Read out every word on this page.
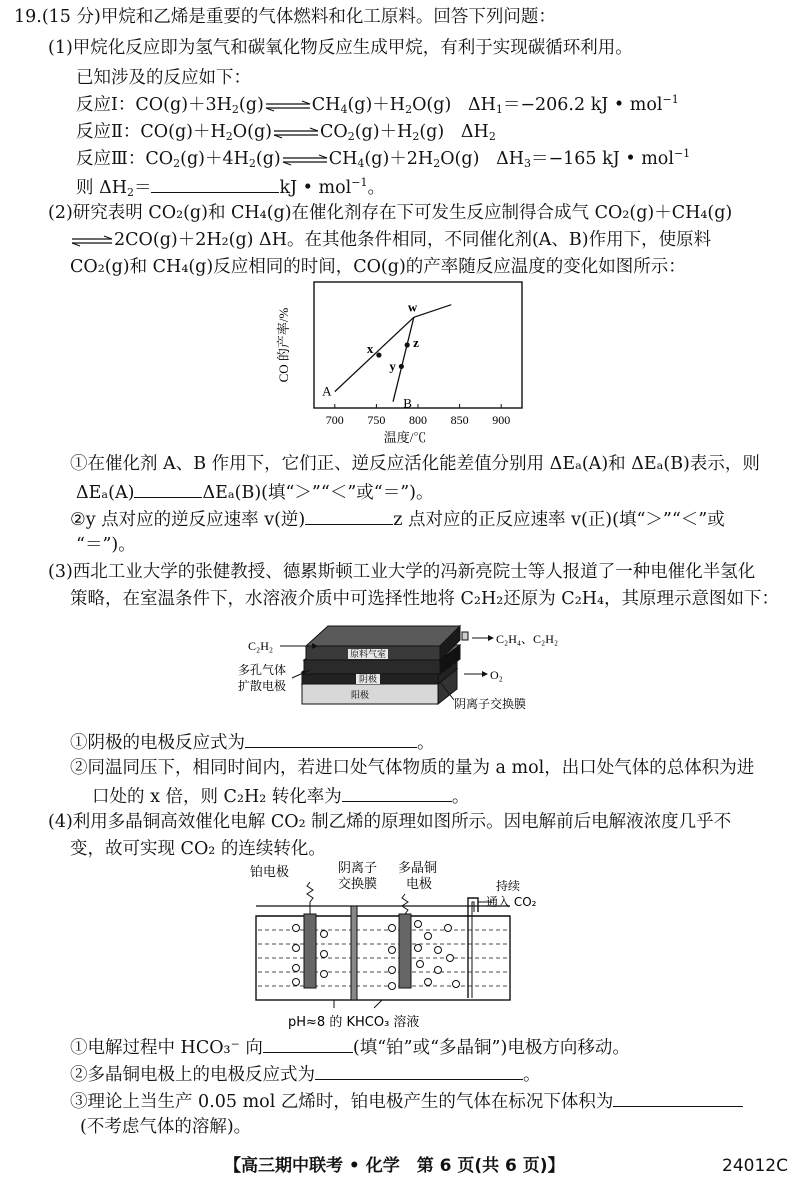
19.(15 分)甲烷和乙烯是重要的气体燃料和化工原料。回答下列问题：
(1)甲烷化反应即为氢气和碳氧化物反应生成甲烷，有利于实现碳循环利用。
已知涉及的反应如下：
反应Ⅰ：$CO(g)+3H_2(g)\rightleftharpoons CH_4(g)+H_2O(g)$   $\Delta H_1=-206.2$ kJ • mol$^{-1}$
反应Ⅱ：$CO(g)+H_2O(g)\rightleftharpoons CO_2(g)+H_2(g)$   $\Delta H_2$
反应Ⅲ：$CO_2(g)+4H_2(g)\rightleftharpoons CH_4(g)+2H_2O(g)$   $\Delta H_3=-165$ kJ • mol$^{-1}$
则 $\Delta H_2=$	kJ • mol$^{-1}$。
(2)研究表明 CO₂(g)和 CH₄(g)在催化剂存在下可发生反应制得合成气 CO₂(g)＋CH₄(g)
⇌2CO(g)＋2H₂(g) ΔH。在其他条件相同，不同催化剂(A、B)作用下，使原料
CO₂(g)和 CH₄(g)反应相同的时间，CO(g)的产率随反应温度的变化如图所示：
CO 的产率/%
温度/℃
700 750 800 850 900
A
B
x
y
z
w
①在催化剂 A、B 作用下，它们正、逆反应活化能差值分别用 ΔEₐ(A)和 ΔEₐ(B)表示，则
ΔEₐ(A)	ΔEₐ(B)(填“＞”“＜”或“＝”)。
②y 点对应的逆反应速率 v(逆)	z 点对应的正反应速率 v(正)(填“＞”“＜”或
“＝”)。
(3)西北工业大学的张健教授、德累斯顿工业大学的冯新亮院士等人报道了一种电催化半氢化
策略，在室温条件下，水溶液介质中可选择性地将 C₂H₂还原为 C₂H₄，其原理示意图如下：
原料气室
阴极
阳极
C₂H₂
多孔气体
扩散电极
C₂H₄、C₂H₂
O₂
阴离子交换膜
①阴极的电极反应式为	。
②同温同压下，相同时间内，若进口处气体物质的量为 a mol，出口处气体的总体积为进
口处的 x 倍，则 C₂H₂ 转化率为	。
(4)利用多晶铜高效催化电解 CO₂ 制乙烯的原理如图所示。因电解前后电解液浓度几乎不
变，故可实现 CO₂ 的连续转化。
铂电极	阴离子
交换膜
多晶铜
电极	持续
通入 CO₂
pH≈8 的 KHCO₃ 溶液
①电解过程中 HCO₃⁻ 向	(填“铂”或“多晶铜”)电极方向移动。
②多晶铜电极上的电极反应式为	。
③理论上当生产 0.05 mol 乙烯时，铂电极产生的气体在标况下体积为
(不考虑气体的溶解)。
【高三期中联考 • 化学　第 6 页(共 6 页)】	24012C
